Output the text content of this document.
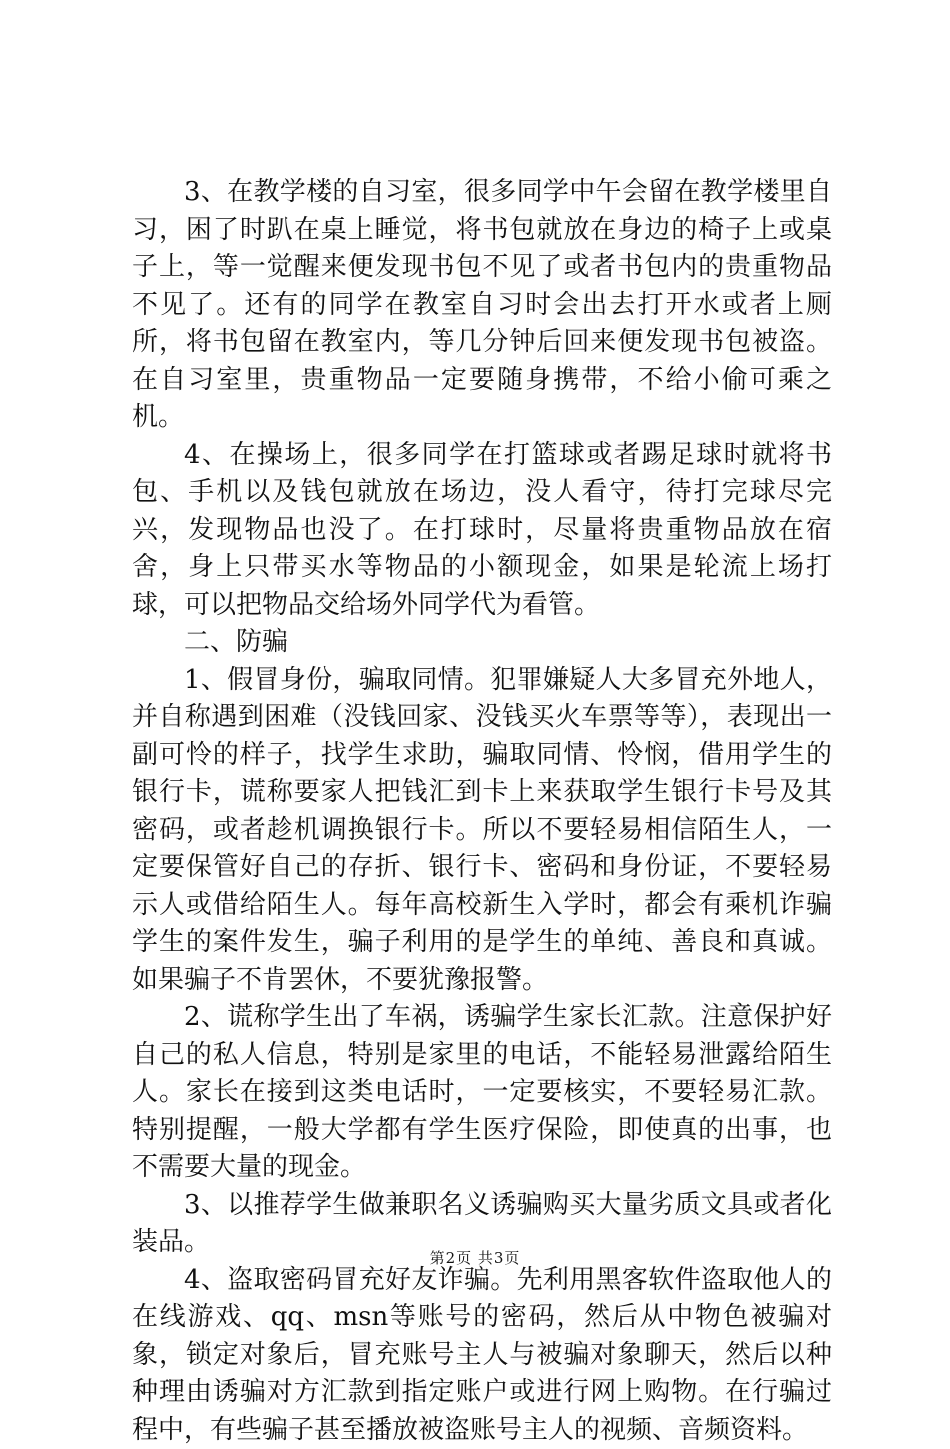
3、在教学楼的自习室，很多同学中午会留在教学楼里自习，困了时趴在桌上睡觉，将书包就放在身边的椅子上或桌子上，等一觉醒来便发现书包不见了或者书包内的贵重物品不见了。还有的同学在教室自习时会出去打开水或者上厕所，将书包留在教室内，等几分钟后回来便发现书包被盗。在自习室里，贵重物品一定要随身携带，不给小偷可乘之机。

4、在操场上，很多同学在打篮球或者踢足球时就将书包、手机以及钱包就放在场边，没人看守，待打完球尽完兴，发现物品也没了。在打球时，尽量将贵重物品放在宿舍，身上只带买水等物品的小额现金，如果是轮流上场打球，可以把物品交给场外同学代为看管。

二、防骗

1、假冒身份，骗取同情。犯罪嫌疑人大多冒充外地人，并自称遇到困难（没钱回家、没钱买火车票等等），表现出一副可怜的样子，找学生求助，骗取同情、怜悯，借用学生的银行卡，谎称要家人把钱汇到卡上来获取学生银行卡号及其密码，或者趁机调换银行卡。所以不要轻易相信陌生人，一定要保管好自己的存折、银行卡、密码和身份证，不要轻易示人或借给陌生人。每年高校新生入学时，都会有乘机诈骗学生的案件发生，骗子利用的是学生的单纯、善良和真诚。如果骗子不肯罢休，不要犹豫报警。

2、谎称学生出了车祸，诱骗学生家长汇款。注意保护好自己的私人信息，特别是家里的电话，不能轻易泄露给陌生人。家长在接到这类电话时，一定要核实，不要轻易汇款。特别提醒，一般大学都有学生医疗保险，即使真的出事，也不需要大量的现金。

3、以推荐学生做兼职名义诱骗购买大量劣质文具或者化装品。

4、盗取密码冒充好友诈骗。先利用黑客软件盗取他人的在线游戏、qq、msn等账号的密码，然后从中物色被骗对象，锁定对象后，冒充账号主人与被骗对象聊天，然后以种种理由诱骗对方汇款到指定账户或进行网上购物。在行骗过程中，有些骗子甚至播放被盗账号主人的视频、音频资料。

第2页 共3页
